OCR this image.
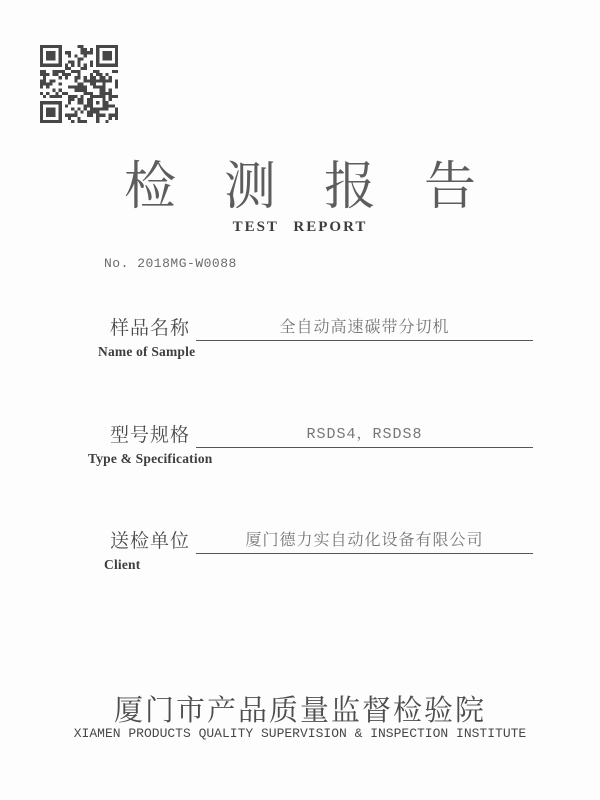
检测报告
TEST REPORT
No. 2018MG-W0088
样品名称	全自动高速碳带分切机
Name of Sample
型号规格	RSDS4，RSDS8
Type & Specification
送检单位	厦门德力实自动化设备有限公司
Client
厦门市产品质量监督检验院
XIAMEN PRODUCTS QUALITY SUPERVISION & INSPECTION INSTITUTE
